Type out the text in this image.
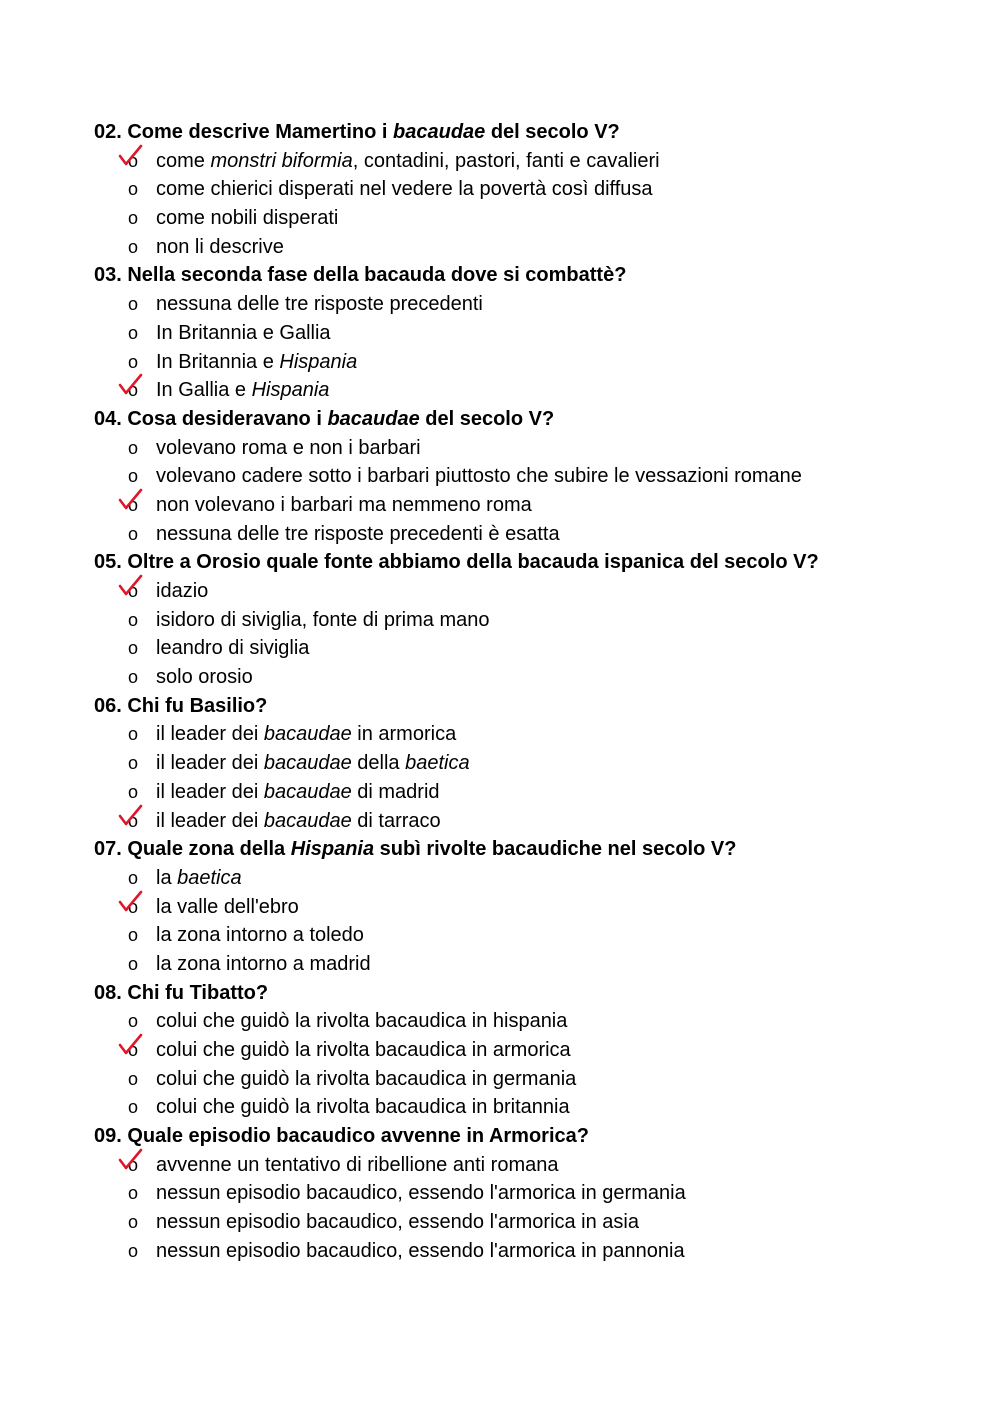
02. Come descrive Mamertino i bacaudae del secolo V?
o come monstri biformia, contadini, pastori, fanti e cavalieri
o come chierici disperati nel vedere la povertà così diffusa
o come nobili disperati
o non li descrive
03. Nella seconda fase della bacauda dove si combattè?
o nessuna delle tre risposte precedenti
o In Britannia e Gallia
o In Britannia e Hispania
o In Gallia e Hispania
04. Cosa desideravano i bacaudae del secolo V?
o volevano roma e non i barbari
o volevano cadere sotto i barbari piuttosto che subire le vessazioni romane
o non volevano i barbari ma nemmeno roma
o nessuna delle tre risposte precedenti è esatta
05. Oltre a Orosio quale fonte abbiamo della bacauda ispanica del secolo V?
o idazio
o isidoro di siviglia, fonte di prima mano
o leandro di siviglia
o solo orosio
06. Chi fu Basilio?
o il leader dei bacaudae in armorica
o il leader dei bacaudae della baetica
o il leader dei bacaudae di madrid
o il leader dei bacaudae di tarraco
07. Quale zona della Hispania subì rivolte bacaudiche nel secolo V?
o la baetica
o la valle dell'ebro
o la zona intorno a toledo
o la zona intorno a madrid
08. Chi fu Tibatto?
o colui che guidò la rivolta bacaudica in hispania
o colui che guidò la rivolta bacaudica in armorica
o colui che guidò la rivolta bacaudica in germania
o colui che guidò la rivolta bacaudica in britannia
09. Quale episodio bacaudico avvenne in Armorica?
o avvenne un tentativo di ribellione anti romana
o nessun episodio bacaudico, essendo l'armorica in germania
o nessun episodio bacaudico, essendo l'armorica in asia
o nessun episodio bacaudico, essendo l'armorica in pannonia
